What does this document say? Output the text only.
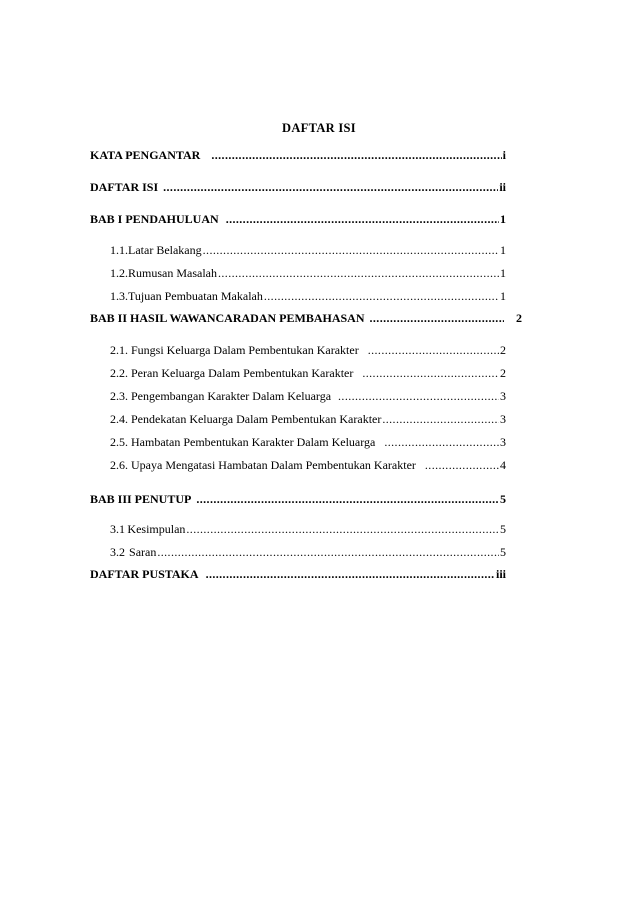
DAFTAR ISI
KATA PENGANTAR .....	i
DAFTAR ISI .....	ii
BAB I PENDAHULUAN .....	1
1.1. Latar Belakang .....	1
1.2. Rumusan Masalah .....	1
1.3. Tujuan Pembuatan Makalah .....	1
BAB II HASIL WAWANCARADAN PEMBAHASAN .....	2
2.1. Fungsi Keluarga Dalam Pembentukan Karakter .....	2
2.2. Peran Keluarga Dalam Pembentukan Karakter .....	2
2.3. Pengembangan Karakter Dalam Keluarga .....	3
2.4. Pendekatan Keluarga Dalam Pembentukan Karakter .....	3
2.5. Hambatan Pembentukan Karakter Dalam Keluarga .....	3
2.6. Upaya Mengatasi Hambatan Dalam Pembentukan Karakter .....	4
BAB III PENUTUP .....	5
3.1 Kesimpulan .....	5
3.2 Saran .....	5
DAFTAR PUSTAKA .....	iii
